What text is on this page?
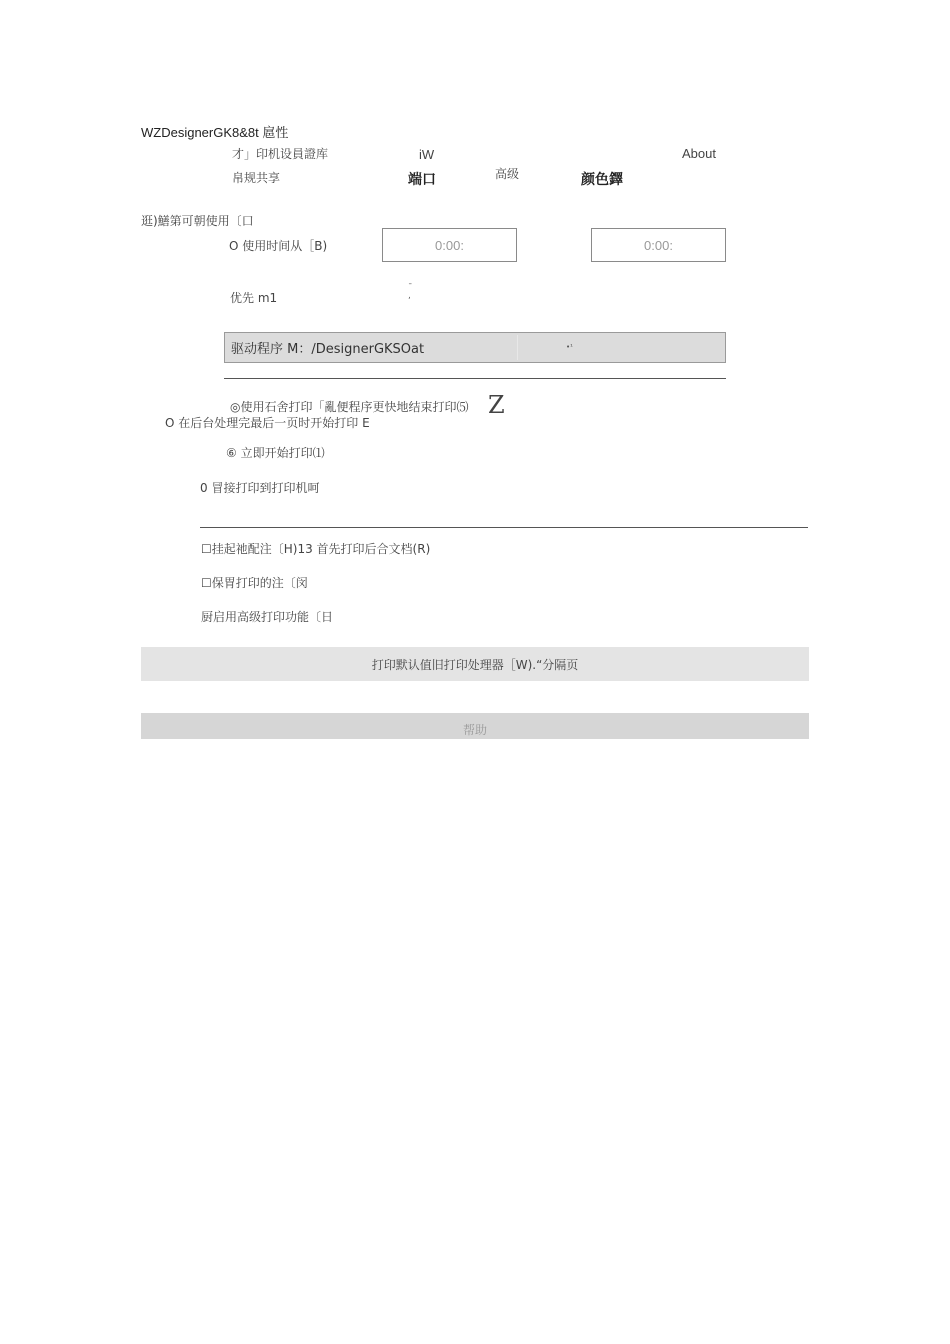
WZDesignerGK8&8t 扈性
才」印机设員證库	iW	About
帛规共享	端口	高级	颜色鐸
逛)鱔第可朝使用〔口
O 使用时间从［B)	0:00:	0:00:
优先 m1
¯
,
驱动程序 M：/DesignerGKSOat	•¹
◎使用石舍打印「亂便程序更快地结束打印⑸ Z
O 在后台处理完最后一页时开始打印 E
⑥ 立即开始打印⑴
0 冒接打印到打印机呵
☐挂起祂配注〔H)13 首先打印后合文档(R)
☐保胃打印的注〔闵
厨启用高级打印功能〔日
打印默认值旧打印处理器［W).“分隔页
帮助
